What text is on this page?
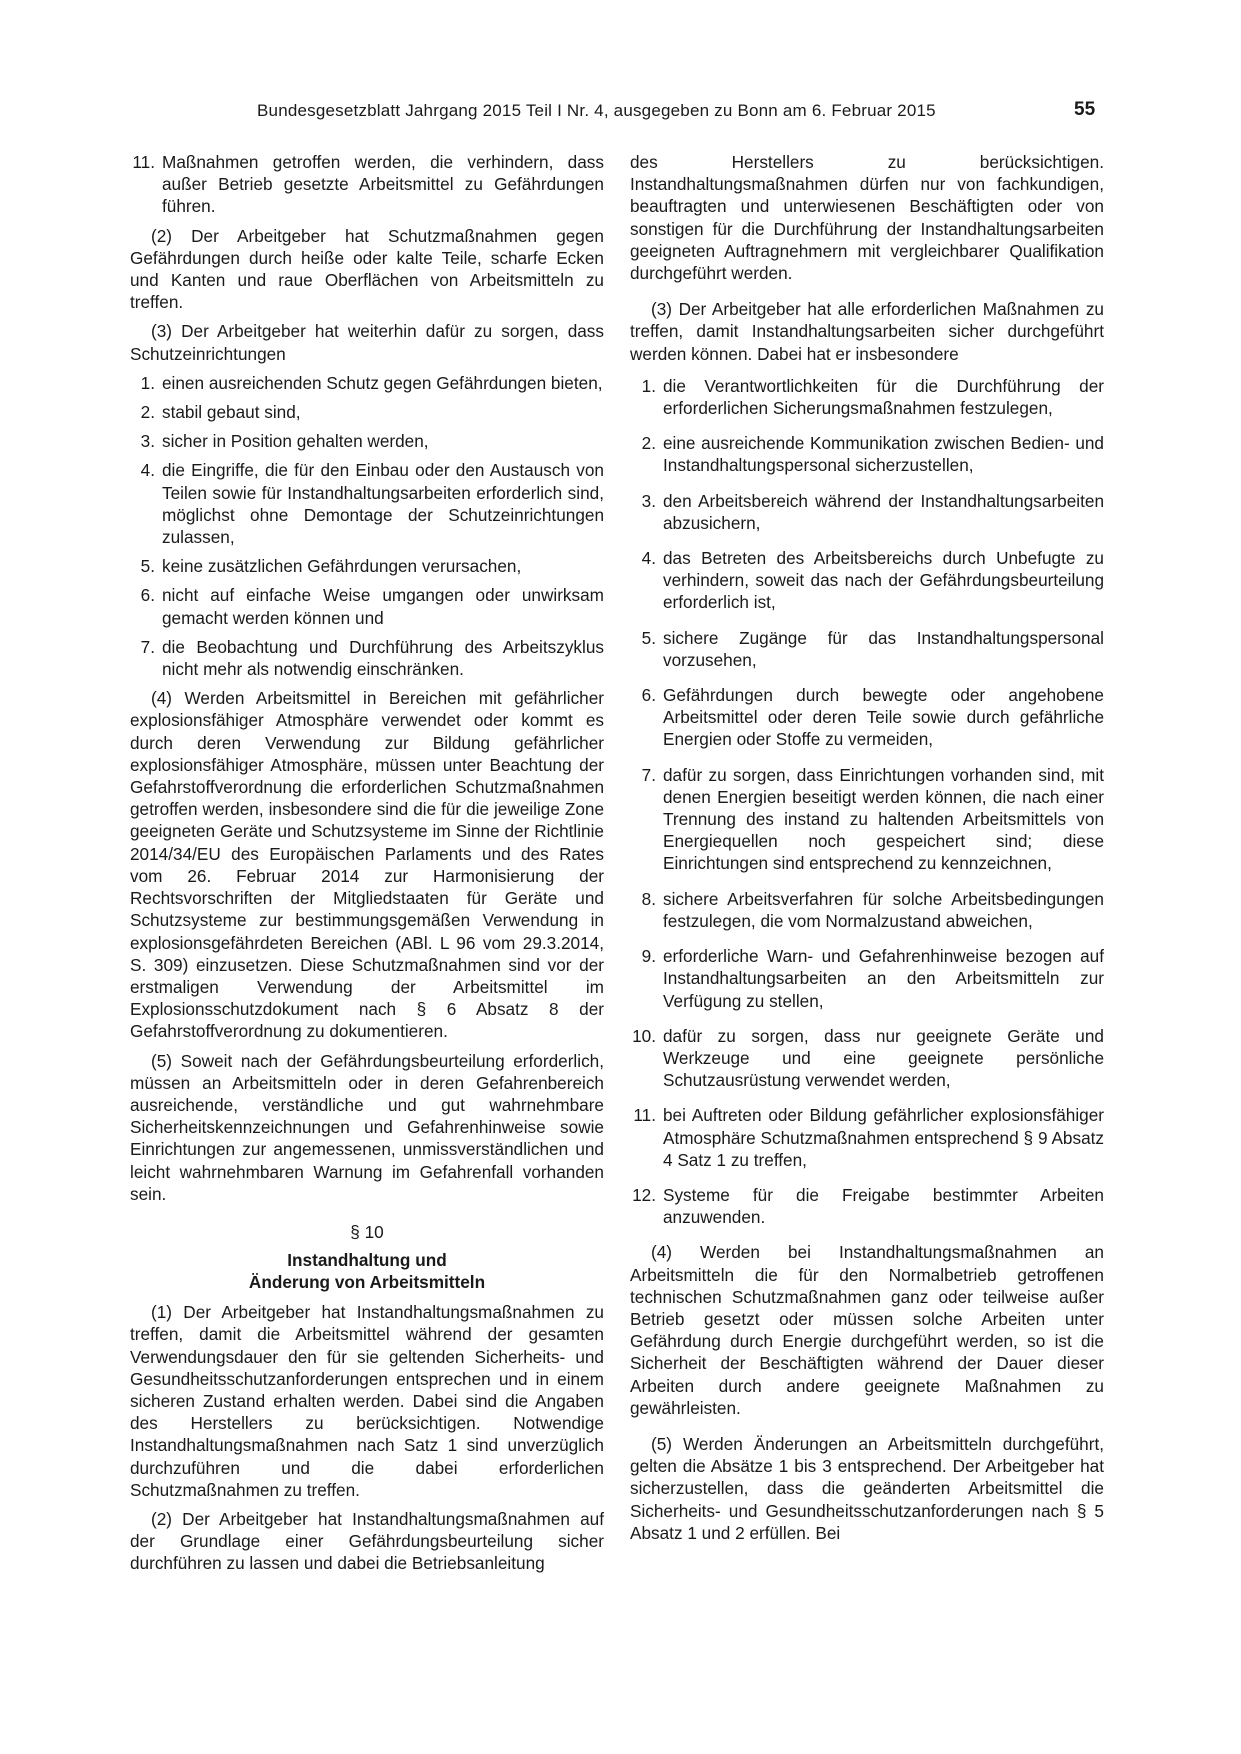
Bundesgesetzblatt Jahrgang 2015 Teil I Nr. 4, ausgegeben zu Bonn am 6. Februar 2015	55
11. Maßnahmen getroffen werden, die verhindern, dass außer Betrieb gesetzte Arbeitsmittel zu Gefährdungen führen.

(2) Der Arbeitgeber hat Schutzmaßnahmen gegen Gefährdungen durch heiße oder kalte Teile, scharfe Ecken und Kanten und raue Oberflächen von Arbeitsmitteln zu treffen.

(3) Der Arbeitgeber hat weiterhin dafür zu sorgen, dass Schutzeinrichtungen

1. einen ausreichenden Schutz gegen Gefährdungen bieten,
2. stabil gebaut sind,
3. sicher in Position gehalten werden,
4. die Eingriffe, die für den Einbau oder den Austausch von Teilen sowie für Instandhaltungsarbeiten erforderlich sind, möglichst ohne Demontage der Schutzeinrichtungen zulassen,
5. keine zusätzlichen Gefährdungen verursachen,
6. nicht auf einfache Weise umgangen oder unwirksam gemacht werden können und
7. die Beobachtung und Durchführung des Arbeitszyklus nicht mehr als notwendig einschränken.

(4) Werden Arbeitsmittel in Bereichen mit gefährlicher explosionsfähiger Atmosphäre verwendet oder kommt es durch deren Verwendung zur Bildung gefährlicher explosionsfähiger Atmosphäre, müssen unter Beachtung der Gefahrstoffverordnung die erforderlichen Schutzmaßnahmen getroffen werden, insbesondere sind die für die jeweilige Zone geeigneten Geräte und Schutzsysteme im Sinne der Richtlinie 2014/34/EU des Europäischen Parlaments und des Rates vom 26. Februar 2014 zur Harmonisierung der Rechtsvorschriften der Mitgliedstaaten für Geräte und Schutzsysteme zur bestimmungsgemäßen Verwendung in explosionsgefährdeten Bereichen (ABl. L 96 vom 29.3.2014, S. 309) einzusetzen. Diese Schutzmaßnahmen sind vor der erstmaligen Verwendung der Arbeitsmittel im Explosionsschutzdokument nach § 6 Absatz 8 der Gefahrstoffverordnung zu dokumentieren.

(5) Soweit nach der Gefährdungsbeurteilung erforderlich, müssen an Arbeitsmitteln oder in deren Gefahrenbereich ausreichende, verständliche und gut wahrnehmbare Sicherheitskennzeichnungen und Gefahrenhinweise sowie Einrichtungen zur angemessenen, unmissverständlichen und leicht wahrnehmbaren Warnung im Gefahrenfall vorhanden sein.

§ 10
Instandhaltung und
Änderung von Arbeitsmitteln

(1) Der Arbeitgeber hat Instandhaltungsmaßnahmen zu treffen, damit die Arbeitsmittel während der gesamten Verwendungsdauer den für sie geltenden Sicherheits- und Gesundheitsschutzanforderungen entsprechen und in einem sicheren Zustand erhalten werden. Dabei sind die Angaben des Herstellers zu berücksichtigen. Notwendige Instandhaltungsmaßnahmen nach Satz 1 sind unverzüglich durchzuführen und die dabei erforderlichen Schutzmaßnahmen zu treffen.

(2) Der Arbeitgeber hat Instandhaltungsmaßnahmen auf der Grundlage einer Gefährdungsbeurteilung sicher durchführen zu lassen und dabei die Betriebsanleitung

des Herstellers zu berücksichtigen. Instandhaltungsmaßnahmen dürfen nur von fachkundigen, beauftragten und unterwiesenen Beschäftigten oder von sonstigen für die Durchführung der Instandhaltungsarbeiten geeigneten Auftragnehmern mit vergleichbarer Qualifikation durchgeführt werden.

(3) Der Arbeitgeber hat alle erforderlichen Maßnahmen zu treffen, damit Instandhaltungsarbeiten sicher durchgeführt werden können. Dabei hat er insbesondere

1. die Verantwortlichkeiten für die Durchführung der erforderlichen Sicherungsmaßnahmen festzulegen,
2. eine ausreichende Kommunikation zwischen Bedien- und Instandhaltungspersonal sicherzustellen,
3. den Arbeitsbereich während der Instandhaltungsarbeiten abzusichern,
4. das Betreten des Arbeitsbereichs durch Unbefugte zu verhindern, soweit das nach der Gefährdungsbeurteilung erforderlich ist,
5. sichere Zugänge für das Instandhaltungspersonal vorzusehen,
6. Gefährdungen durch bewegte oder angehobene Arbeitsmittel oder deren Teile sowie durch gefährliche Energien oder Stoffe zu vermeiden,
7. dafür zu sorgen, dass Einrichtungen vorhanden sind, mit denen Energien beseitigt werden können, die nach einer Trennung des instand zu haltenden Arbeitsmittels von Energiequellen noch gespeichert sind; diese Einrichtungen sind entsprechend zu kennzeichnen,
8. sichere Arbeitsverfahren für solche Arbeitsbedingungen festzulegen, die vom Normalzustand abweichen,
9. erforderliche Warn- und Gefahrenhinweise bezogen auf Instandhaltungsarbeiten an den Arbeitsmitteln zur Verfügung zu stellen,
10. dafür zu sorgen, dass nur geeignete Geräte und Werkzeuge und eine geeignete persönliche Schutzausrüstung verwendet werden,
11. bei Auftreten oder Bildung gefährlicher explosionsfähiger Atmosphäre Schutzmaßnahmen entsprechend § 9 Absatz 4 Satz 1 zu treffen,
12. Systeme für die Freigabe bestimmter Arbeiten anzuwenden.

(4) Werden bei Instandhaltungsmaßnahmen an Arbeitsmitteln die für den Normalbetrieb getroffenen technischen Schutzmaßnahmen ganz oder teilweise außer Betrieb gesetzt oder müssen solche Arbeiten unter Gefährdung durch Energie durchgeführt werden, so ist die Sicherheit der Beschäftigten während der Dauer dieser Arbeiten durch andere geeignete Maßnahmen zu gewährleisten.

(5) Werden Änderungen an Arbeitsmitteln durchgeführt, gelten die Absätze 1 bis 3 entsprechend. Der Arbeitgeber hat sicherzustellen, dass die geänderten Arbeitsmittel die Sicherheits- und Gesundheitsschutzanforderungen nach § 5 Absatz 1 und 2 erfüllen. Bei
